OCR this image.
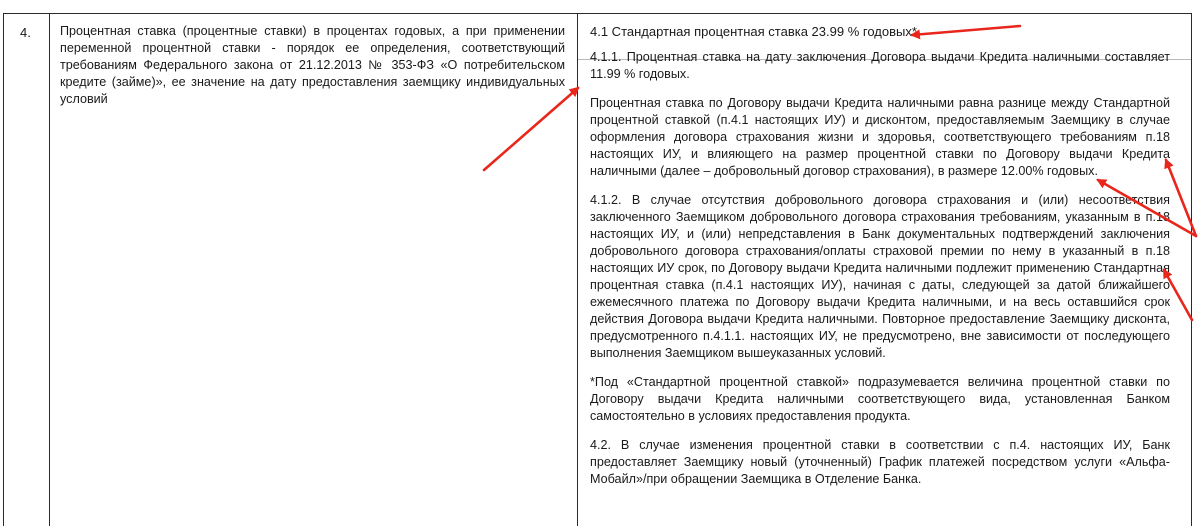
4. Процентная ставка (процентные ставки) в процентах годовых, а при применении переменной процентной ставки - порядок ее определения, соответствующий требованиям Федерального закона от 21.12.2013 № 353-ФЗ «О потребительском кредите (займе)», ее значение на дату предоставления заемщику индивидуальных условий

4.1 Стандартная процентная ставка 23.99 % годовых*

4.1.1. Процентная ставка на дату заключения Договора выдачи Кредита наличными составляет 11.99 % годовых.

Процентная ставка по Договору выдачи Кредита наличными равна разнице между Стандартной процентной ставкой (п.4.1 настоящих ИУ) и дисконтом, предоставляемым Заемщику в случае оформления договора страхования жизни и здоровья, соответствующего требованиям п.18 настоящих ИУ, и влияющего на размер процентной ставки по Договору выдачи Кредита наличными (далее – добровольный договор страхования), в размере 12.00% годовых.

4.1.2. В случае отсутствия добровольного договора страхования и (или) несоответствия заключенного Заемщиком добровольного договора страхования требованиям, указанным в п.18 настоящих ИУ, и (или) непредставления в Банк документальных подтверждений заключения добровольного договора страхования/оплаты страховой премии по нему в указанный в п.18 настоящих ИУ срок, по Договору выдачи Кредита наличными подлежит применению Стандартная процентная ставка (п.4.1 настоящих ИУ), начиная с даты, следующей за датой ближайшего ежемесячного платежа по Договору выдачи Кредита наличными, и на весь оставшийся срок действия Договора выдачи Кредита наличными. Повторное предоставление Заемщику дисконта, предусмотренного п.4.1.1. настоящих ИУ, не предусмотрено, вне зависимости от последующего выполнения Заемщиком вышеуказанных условий.

*Под «Стандартной процентной ставкой» подразумевается величина процентной ставки по Договору выдачи Кредита наличными соответствующего вида, установленная Банком самостоятельно в условиях предоставления продукта.

4.2. В случае изменения процентной ставки в соответствии с п.4. настоящих ИУ, Банк предоставляет Заемщику новый (уточненный) График платежей посредством услуги «Альфа-Мобайл»/при обращении Заемщика в Отделение Банка.
